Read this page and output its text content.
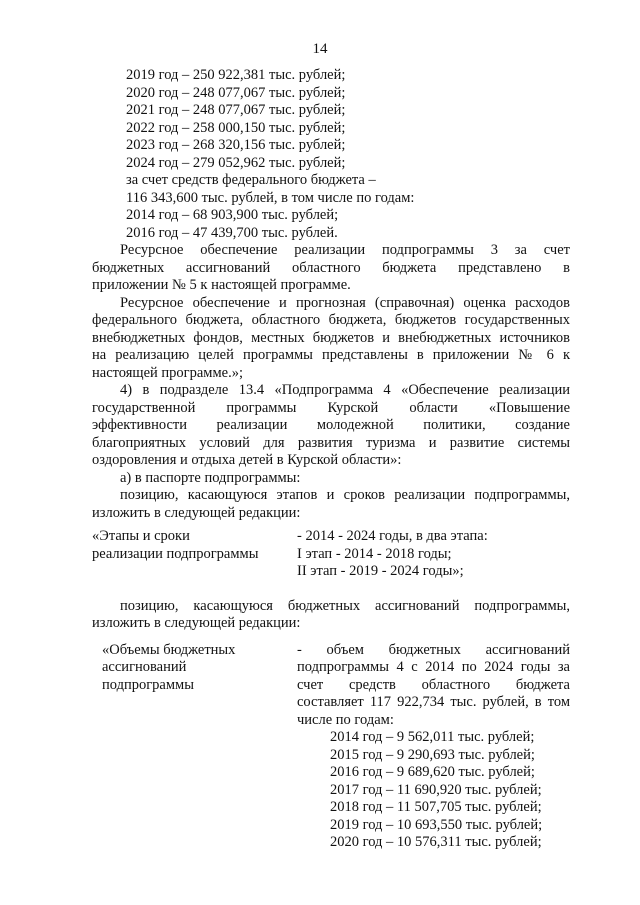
14
2019 год – 250 922,381 тыс. рублей;
2020 год – 248 077,067 тыс. рублей;
2021 год – 248 077,067 тыс. рублей;
2022 год – 258 000,150 тыс. рублей;
2023 год – 268 320,156 тыс. рублей;
2024 год – 279 052,962 тыс. рублей;
за счет средств федерального бюджета –
116 343,600 тыс. рублей, в том числе по годам:
2014 год – 68 903,900 тыс. рублей;
2016 год – 47 439,700 тыс. рублей.
Ресурсное обеспечение реализации подпрограммы 3 за счет
бюджетных ассигнований областного бюджета представлено в
приложении № 5 к настоящей программе.
Ресурсное обеспечение и прогнозная (справочная) оценка расходов
федерального бюджета, областного бюджета, бюджетов государственных
внебюджетных фондов, местных бюджетов и внебюджетных источников
на реализацию целей программы представлены в приложении № 6 к
настоящей программе.»;
4) в подразделе 13.4 «Подпрограмма 4 «Обеспечение реализации
государственной программы Курской области «Повышение
эффективности реализации молодежной политики, создание
благоприятных условий для развития туризма и развитие системы
оздоровления и отдыха детей в Курской области»:
а) в паспорте подпрограммы:
позицию, касающуюся этапов и сроков реализации подпрограммы,
изложить в следующей редакции:
«Этапы и сроки
реализации подпрограммы
- 2014 - 2024 годы, в два этапа:
I этап - 2014 - 2018 годы;
II этап - 2019 - 2024 годы»;
позицию, касающуюся бюджетных ассигнований подпрограммы,
изложить в следующей редакции:
«Объемы бюджетных
ассигнований
подпрограммы
- объем бюджетных ассигнований
подпрограммы 4 с 2014 по 2024 годы за
счет средств областного бюджета
составляет 117 922,734 тыс. рублей, в том
числе по годам:
2014 год – 9 562,011 тыс. рублей;
2015 год – 9 290,693 тыс. рублей;
2016 год – 9 689,620 тыс. рублей;
2017 год – 11 690,920 тыс. рублей;
2018 год – 11 507,705 тыс. рублей;
2019 год – 10 693,550 тыс. рублей;
2020 год – 10 576,311 тыс. рублей;
